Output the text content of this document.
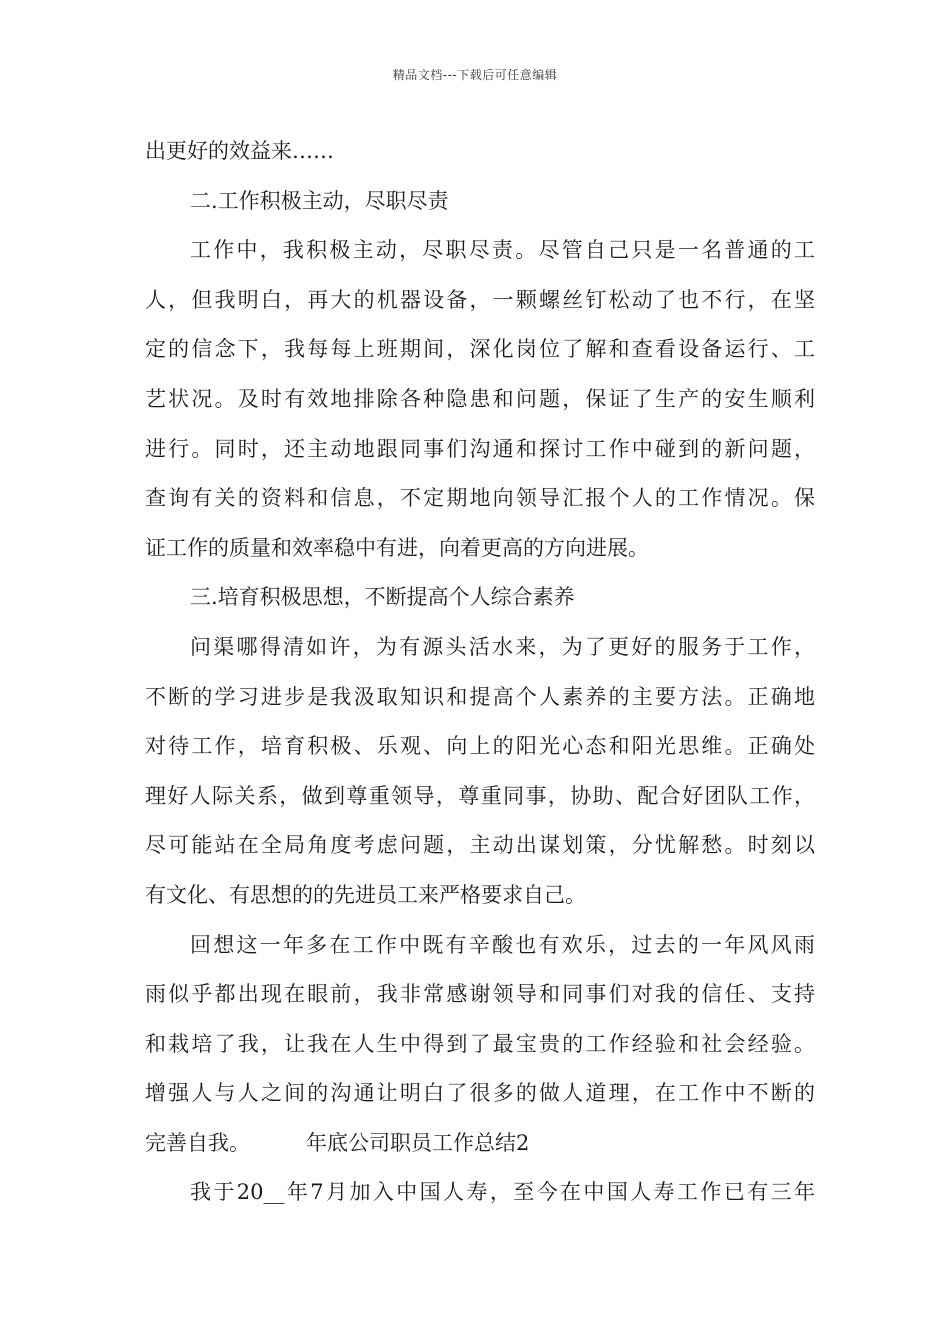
精品文档---下载后可任意编辑
出更好的效益来……
二.工作积极主动，尽职尽责
工作中，我积极主动，尽职尽责。尽管自己只是一名普通的工
人，但我明白，再大的机器设备，一颗螺丝钉松动了也不行，在坚
定的信念下，我每每上班期间，深化岗位了解和查看设备运行、工
艺状况。及时有效地排除各种隐患和问题，保证了生产的安生顺利
进行。同时，还主动地跟同事们沟通和探讨工作中碰到的新问题，
查询有关的资料和信息，不定期地向领导汇报个人的工作情况。保
证工作的质量和效率稳中有进，向着更高的方向进展。
三.培育积极思想，不断提高个人综合素养
问渠哪得清如许，为有源头活水来，为了更好的服务于工作，
不断的学习进步是我汲取知识和提高个人素养的主要方法。正确地
对待工作，培育积极、乐观、向上的阳光心态和阳光思维。正确处
理好人际关系，做到尊重领导，尊重同事，协助、配合好团队工作，
尽可能站在全局角度考虑问题，主动出谋划策，分忧解愁。时刻以
有文化、有思想的的先进员工来严格要求自己。
回想这一年多在工作中既有辛酸也有欢乐，过去的一年风风雨
雨似乎都出现在眼前，我非常感谢领导和同事们对我的信任、支持
和栽培了我，让我在人生中得到了最宝贵的工作经验和社会经验。
增强人与人之间的沟通让明白了很多的做人道理，在工作中不断的
完善自我。	年底公司职员工作总结2
我于20__年7月加入中国人寿，至今在中国人寿工作已有三年
